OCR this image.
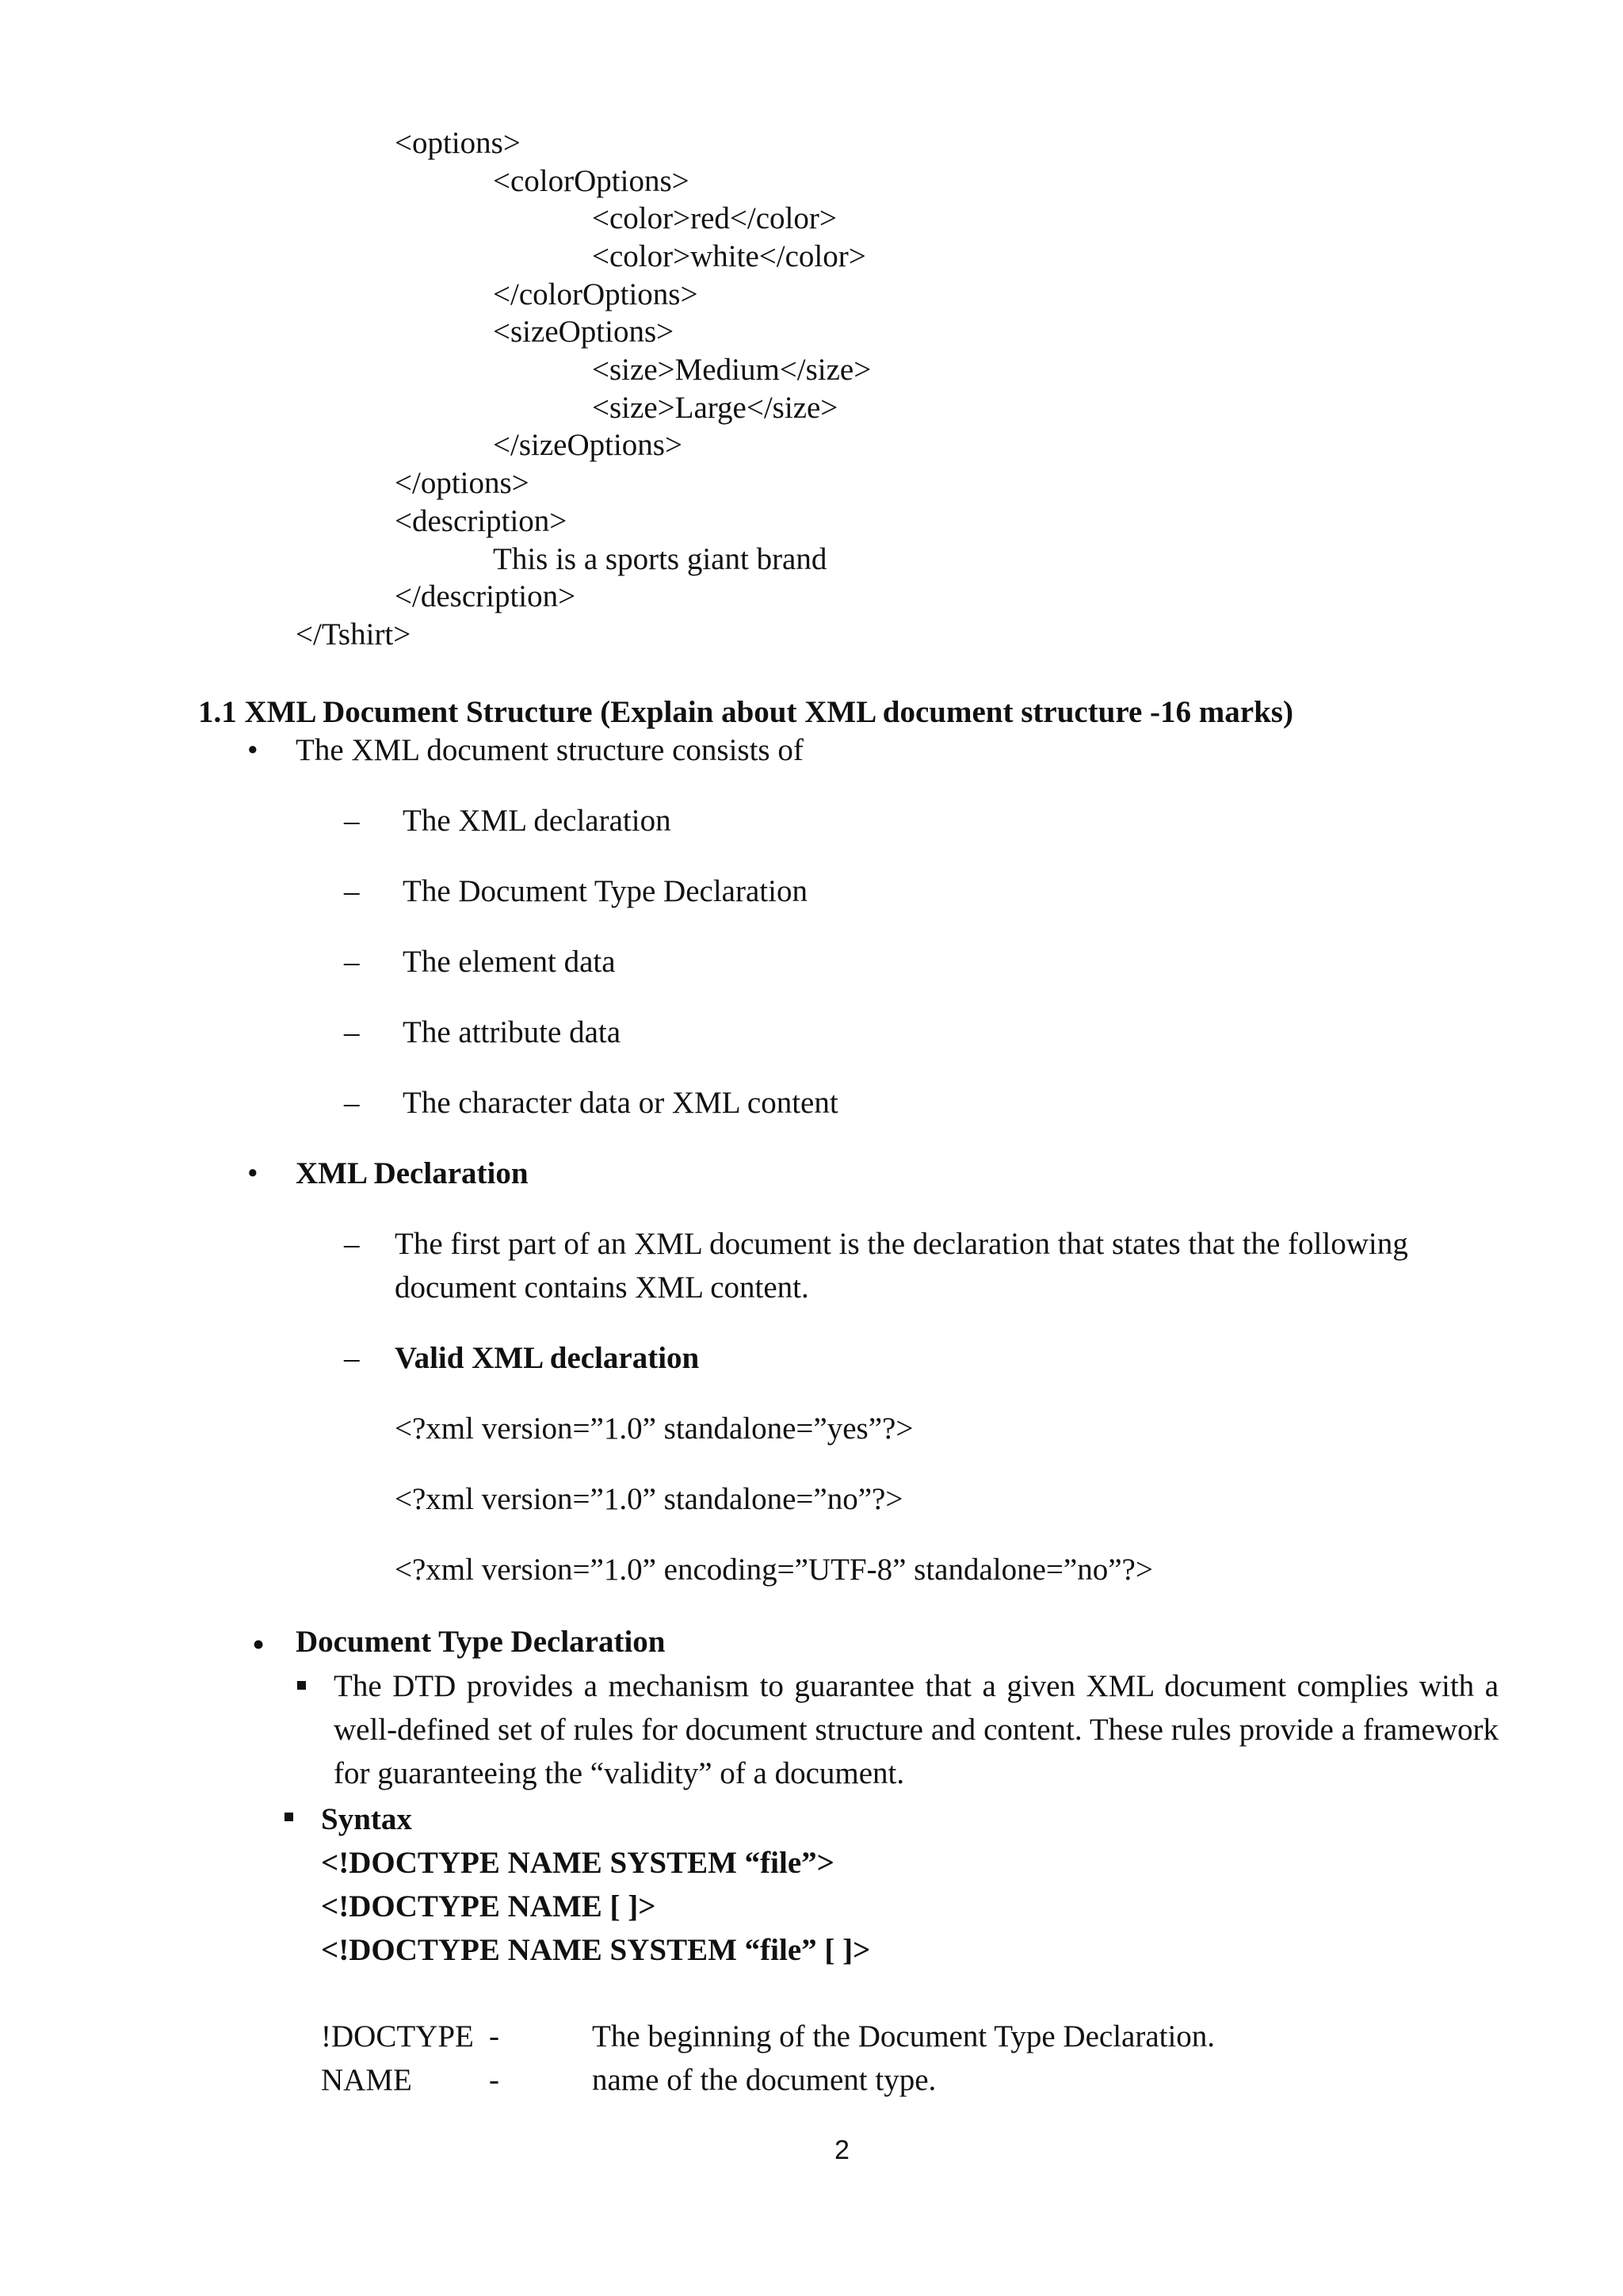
<options>
<colorOptions>
<color>red</color>
<color>white</color>
</colorOptions>
<sizeOptions>
<size>Medium</size>
<size>Large</size>
</sizeOptions>
</options>
<description>
This is a sports giant brand
</description>
</Tshirt>
1.1 XML Document Structure (Explain about XML document structure -16 marks)
• The XML document structure consists of
– The XML declaration
– The Document Type Declaration
– The element data
– The attribute data
– The character data or XML content
• XML Declaration
– The first part of an XML document is the declaration that states that the following document contains XML content.
– Valid XML declaration
<?xml version=”1.0” standalone=”yes”?>
<?xml version=”1.0” standalone=”no”?>
<?xml version=”1.0” encoding=”UTF-8” standalone=”no”?>
• Document Type Declaration
The DTD provides a mechanism to guarantee that a given XML document complies with a well-defined set of rules for document structure and content. These rules provide a framework for guaranteeing the “validity” of a document.
Syntax
<!DOCTYPE NAME SYSTEM “file”>
<!DOCTYPE NAME [ ]>
<!DOCTYPE NAME SYSTEM “file” [ ]>
!DOCTYPE -	The beginning of the Document Type Declaration.
NAME -	name of the document type.
2
